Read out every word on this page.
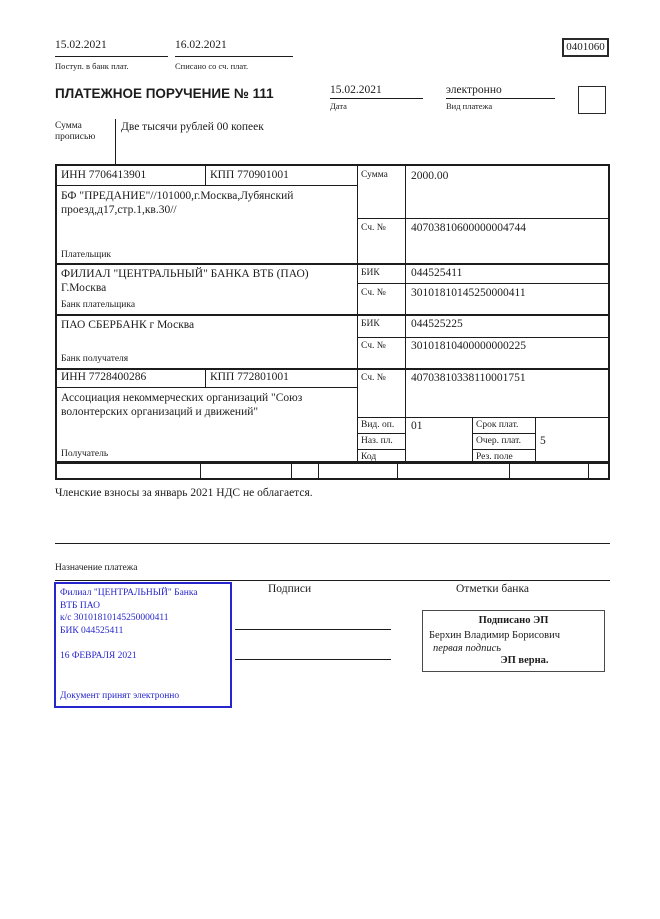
15.02.2021
Поступ. в банк плат.
16.02.2021
Списано со сч. плат.
0401060
ПЛАТЕЖНОЕ ПОРУЧЕНИЕ № 111	15.02.2021
Дата
электронно
Вид платежа
Сумма прописью
Две тысячи рублей 00 копеек
ИНН 7706413901	КПП 770901001
БФ "ПРЕДАНИЕ"//101000,г.Москва,Лубянский проезд,д17,стр.1,кв.30//
Плательщик
Сумма 2000.00
Сч. № 40703810600000004744
ФИЛИАЛ "ЦЕНТРАЛЬНЫЙ" БАНКА ВТБ (ПАО) Г.Москва
Банк плательщика
БИК	044525411
Сч. № 30101810145250000411
ПАО СБЕРБАНК г Москва
Банк получателя
БИК	044525225
Сч. № 30101810400000000225
ИНН 7728400286	КПП 772801001
Ассоциация некоммерческих организаций "Союз волонтерских организаций и движений"
Получатель
Сч. № 40703810338110001751
Вид. оп. 01	Срок плат.
Наз. пл.	Очер. плат. 5
Код	Рез. поле
Членские взносы за январь 2021 НДС не облагается.
Назначение платежа
Филиал "ЦЕНТРАЛЬНЫЙ" Банка
ВТБ ПАО
к/с 30101810145250000411
БИК 044525411
16 ФЕВРАЛЯ 2021
Документ принят электронно
Подписи	Отметки банка
Подписано ЭП
Берхин Владимир Борисович
первая подпись
ЭП верна.
